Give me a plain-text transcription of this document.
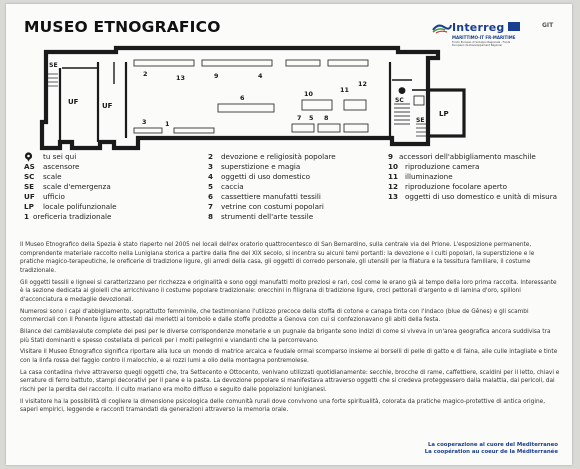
MUSEO ETNOGRAFICO	Interreg
MARITTIMO-IT FR-MARITIME
Fondo Europeo di Sviluppo Regionale · Fonds Européen de Développement Régional
GIT
SE
UF	UF
SC
SE
LP
1
2
3
4
5
6
7	8
9
10	11
12
13
tu sei qui
AS ascensore
SC scale
SE scale d'emergenza
UF ufficio
LP locale polifunzionale
1 oreficeria tradizionale
2 devozione e religiosità popolare
3 superstizione e magia
4 oggetti di uso domestico
5 caccia
6 cassettiere manufatti tessili
7 vetrine con costumi popolari
8 strumenti dell'arte tessile
9 accessori dell'abbigliamento maschile
10 riproduzione camera
11 illuminazione
12 riproduzione focolare aperto
13 oggetti di uso domestico e unità di misura

Il Museo Etnografico della Spezia è stato riaperto nel 2005 nei locali dell'ex oratorio quattrocentesco di San Bernardino, sulla centrale via del Prione. L'esposizione permanente, comprendente materiale raccolto nella Lunigiana storica a partire dalla fine del XIX secolo, si incentra su alcuni temi portanti: la devozione e i culti popolari, la superstizione e le pratiche magico-terapeutiche, le oreficerie di tradizione ligure, gli arredi della casa, gli oggetti di corredo personale, gli utensili per la filatura e la tessitura familiare, il costume tradizionale.

Gli oggetti tessili e ligneei si caratterizzano per ricchezza e originalità e sono oggi manufatti molto preziosi e rari, così come le erano già al tempo della loro prima raccolta. Interessante è la sezione dedicata ai gioielli che arricchivano il costume popolare tradizionale: orecchini in filigrana di tradizione ligure, croci pettorali d'argento e di lamina d'oro, spilloni d'acconciatura e medaglie devozionali.

Numerosi sono i capi d'abbigliamento, soprattutto femminile, che testimoniano l'utilizzo precoce della stoffa di cotone e canapa tinta con l'indaco (blue de Gênes) e gli scambi commerciali con il Ponente ligure attestati dai merletti al tombolo e dalle stoffe prodotte a Genova con cui si confezionavano gli abiti della festa.

Bilance del cambiavalute complete dei pesi per le diverse corrispondenze monetarie e un pugnale da brigante sono indizi di come si viveva in un'area geografica ancora suddivisa tra più Stati dominanti e spesso costellata di pericoli per i molti pellegrini e viandanti che la percorrevano.

Visitare il Museo Etnografico significa riportare alla luce un mondo di matrice arcaica e feudale ormai scomparso insieme ai borselli di pelle di gatto e di faina, alle culle intagliate e tinte con la linfa rossa del faggio contro il malocchio, e ai rozzi lumi a olio della montagna pontremolese.

La casa contadina rivive attraverso quegli oggetti che, tra Settecento e Ottocento, venivano utilizzati quotidianamente: secchie, brocche di rame, caffettiere, scaldini per il letto, chiavi e serrature di ferro battuto, stampi decorativi per il pane e la pasta. La devozione popolare si manifestava attraverso oggetti che si credeva proteggessero dalla malattia, dai pericoli, dai rischi per la perdita del raccolto. Il culto mariano era molto diffuso e seguito dalle popolazioni lunigianesi.

Il visitatore ha la possibilità di cogliere la dimensione psicologica delle comunità rurali dove convivono una forte spiritualità, colorata da pratiche magico-protettive di antica origine, saperi empirici, leggende e racconti tramandati da generazioni attraverso la memoria orale.

La cooperazione al cuore del Mediterraneo
La coopération au coeur de la Méditerranée
